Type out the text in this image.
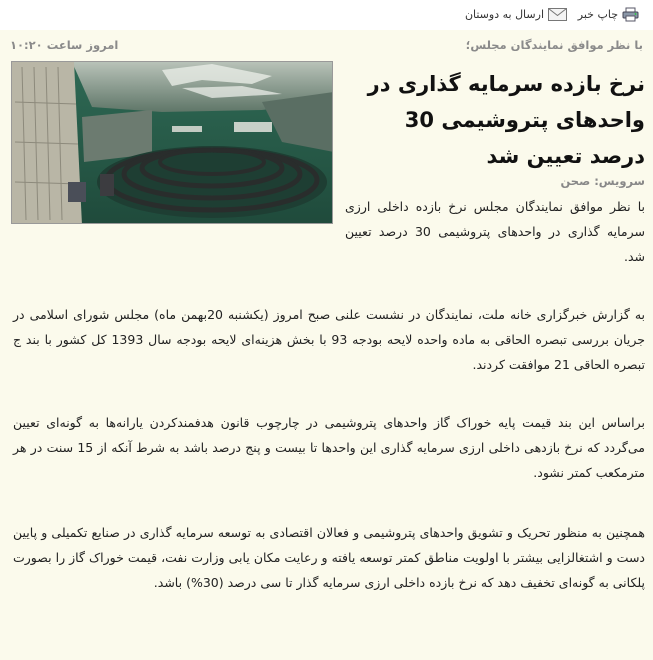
چاپ خبر
ارسال به دوستان
با نظر موافق نمایندگان مجلس؛
امروز ساعت ۱۰:۲۰
نرخ بازده سرمایه گذاری در واحدهای پتروشیمی 30 درصد تعیین شد
سرویس: صحن
با نظر موافق نمایندگان مجلس نرخ بازده داخلی ارزی سرمایه گذاری در واحدهای پتروشیمی 30 درصد تعیین شد.
به گزارش خبرگزاری خانه ملت، نمایندگان در نشست علنی صبح امروز (یکشنبه 20بهمن ماه) مجلس شورای اسلامی در جریان بررسی تبصره الحاقی به ماده واحده لایحه بودجه 93 با بخش هزینه‌ای لایحه بودجه سال 1393 کل کشور با بند ج تبصره الحاقی 21 موافقت کردند.
براساس این بند قیمت پایه خوراک گاز واحدهای پتروشیمی در چارچوب قانون هدفمندکردن یارانه‌ها به گونه‌ای تعیین می‌گردد که نرخ بازدهی داخلی ارزی سرمایه گذاری این واحدها تا بیست و پنج درصد باشد به شرط آنکه از 15 سنت در هر مترمکعب کمتر نشود.
همچنین به منظور تحریک و تشویق واحدهای پتروشیمی و فعالان اقتصادی به توسعه سرمایه گذاری در صنایع تکمیلی و پایین دست و اشتغالزایی بیشتر با اولویت مناطق کمتر توسعه یافته و رعایت مکان یابی وزارت نفت، قیمت خوراک گاز را بصورت پلکانی به گونه‌ای تخفیف دهد که نرخ بازده داخلی ارزی سرمایه گذار تا سی درصد (30%) باشد.
